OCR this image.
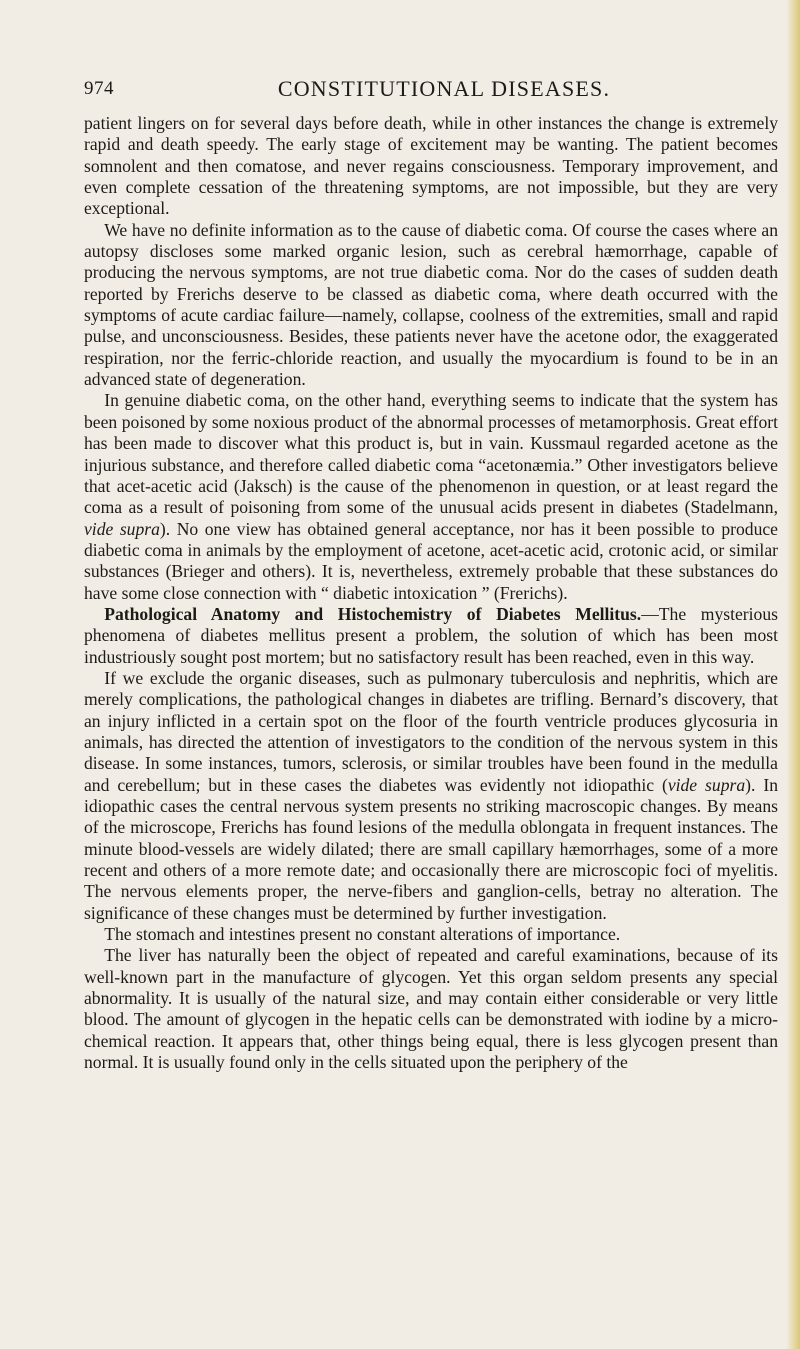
974	CONSTITUTIONAL DISEASES.

patient lingers on for several days before death, while in other instances the change is extremely rapid and death speedy. The early stage of excitement may be wanting. The patient becomes somnolent and then comatose, and never regains consciousness. Temporary improvement, and even complete cessation of the threatening symptoms, are not impossible, but they are very exceptional.

We have no definite information as to the cause of diabetic coma. Of course the cases where an autopsy discloses some marked organic lesion, such as cerebral hæmorrhage, capable of producing the nervous symptoms, are not true diabetic coma. Nor do the cases of sudden death reported by Frerichs deserve to be classed as diabetic coma, where death occurred with the symptoms of acute cardiac failure—namely, collapse, coolness of the extremities, small and rapid pulse, and unconsciousness. Besides, these patients never have the acetone odor, the exaggerated respiration, nor the ferric-chloride reaction, and usually the myocardium is found to be in an advanced state of degeneration.

In genuine diabetic coma, on the other hand, everything seems to indicate that the system has been poisoned by some noxious product of the abnormal processes of metamorphosis. Great effort has been made to discover what this product is, but in vain. Kussmaul regarded acetone as the injurious substance, and therefore called diabetic coma “acetonæmia.” Other investigators believe that acet-acetic acid (Jaksch) is the cause of the phenomenon in question, or at least regard the coma as a result of poisoning from some of the unusual acids present in diabetes (Stadelmann, vide supra). No one view has obtained general acceptance, nor has it been possible to produce diabetic coma in animals by the employment of acetone, acet-acetic acid, crotonic acid, or similar substances (Brieger and others). It is, nevertheless, extremely probable that these substances do have some close connection with “ diabetic intoxication ” (Frerichs).

Pathological Anatomy and Histochemistry of Diabetes Mellitus.—The mysterious phenomena of diabetes mellitus present a problem, the solution of which has been most industriously sought post mortem; but no satisfactory result has been reached, even in this way.

If we exclude the organic diseases, such as pulmonary tuberculosis and nephritis, which are merely complications, the pathological changes in diabetes are trifling. Bernard’s discovery, that an injury inflicted in a certain spot on the floor of the fourth ventricle produces glycosuria in animals, has directed the attention of investigators to the condition of the nervous system in this disease. In some instances, tumors, sclerosis, or similar troubles have been found in the medulla and cerebellum; but in these cases the diabetes was evidently not idiopathic (vide supra). In idiopathic cases the central nervous system presents no striking macroscopic changes. By means of the microscope, Frerichs has found lesions of the medulla oblongata in frequent instances. The minute blood-vessels are widely dilated; there are small capillary hæmorrhages, some of a more recent and others of a more remote date; and occasionally there are microscopic foci of myelitis. The nervous elements proper, the nerve-fibers and ganglion-cells, betray no alteration. The significance of these changes must be determined by further investigation.

The stomach and intestines present no constant alterations of importance.

The liver has naturally been the object of repeated and careful examinations, because of its well-known part in the manufacture of glycogen. Yet this organ seldom presents any special abnormality. It is usually of the natural size, and may contain either considerable or very little blood. The amount of glycogen in the hepatic cells can be demonstrated with iodine by a micro-chemical reaction. It appears that, other things being equal, there is less glycogen present than normal. It is usually found only in the cells situated upon the periphery of the
